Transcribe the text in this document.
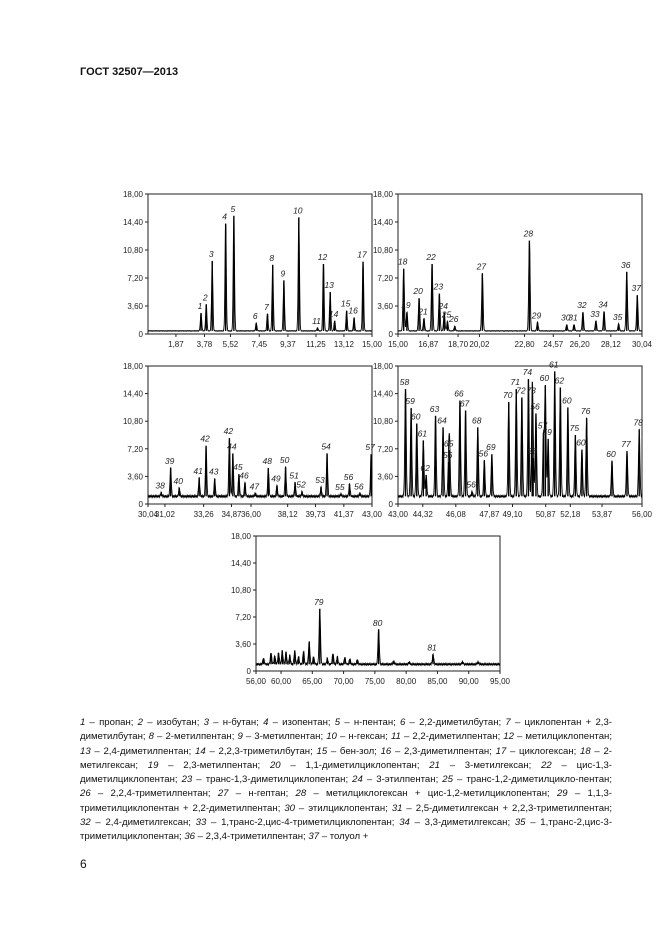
ГОСТ 32507—2013
0
3,60
7,20
10,80
14,40
18,00
1,87 3,78 5,52 7,45 9,37 11,25 13,12 15,00
1
2
3
4
5
6
7
8
9
10
11
12
13
14
15
16
17
0
3,60
7,20
10,80
14,40
18,00
15,00 16,87 18,70 20,02	22,80 24,57 26,20 28,12 30,04
18
19
20
21
22
23
24
25
26
27
28
29 30
31
32
33
34
35
36
37
0
3,60
7,20
10,80
14,40
18,00
30,04
31,02 33,26 34,87 36,00 38,12 39,73 41,37 43,00
38
39
40
41
42
43
42
44
45
46
47
48
49
50
51
52 53
54
55
56
56
57
0
3,60
7,20
10,80
14,40
18,00
43,00 44,32 46,08 47,87 49,10 50,87 52,18 53,87 56,00
58
59
60
61
62
63
64
65
56
66
67
56
68
56
69
70
71
72
74
73
56
57
60
58
59
61
62
60
75
60
76
60
77
78
0
3,60
7,20
10,80
14,40
18,00
56,00 60,00 65,00 70,00 75,00 80,00 85,00 90,00 95,00
79
80
81
1 – пропан; 2 – изобутан; 3 – н-бутан; 4 – изопентан; 5 – н-пентан; 6 – 2,2-диметилбутан; 7 – циклопентан + 2,3-диметилбутан; 8 – 2-метилпентан; 9 – 3-метилпентан; 10 – н-гексан; 11 – 2,2-диметилпентан; 12 – метилциклопентан; 13 – 2,4-диметилпентан; 14 – 2,2,3-триметилбутан; 15 – бен-зол; 16 – 2,3-диметилпентан; 17 – циклогексан; 18 – 2-метилгексан; 19 – 2,3-метилпентан; 20 – 1,1-диметилциклопентан; 21 – 3-метилгексан; 22 – цис-1,3-диметилциклопентан; 23 – транс-1,3-диметилциклопентан; 24 – 3-этилпентан; 25 – транс-1,2-диметилцикло-пентан; 26 – 2,2,4-триметилпентан; 27 – н-гептан; 28 – метилциклогексан + цис-1,2-метилциклопентан; 29 – 1,1,3-триметилциклопентан + 2,2-диметилпентан; 30 – этилциклопентан; 31 – 2,5-диметилгексан + 2,2,3-триметилпентан; 32 – 2,4-диметилгексан; 33 – 1,транс-2,цис-4-триметилциклопентан; 34 – 3,3-диметилгексан; 35 – 1,транс-2,цис-3-триметилциклопентан; 36 – 2,3,4-триметилпентан; 37 – толуол +
6
